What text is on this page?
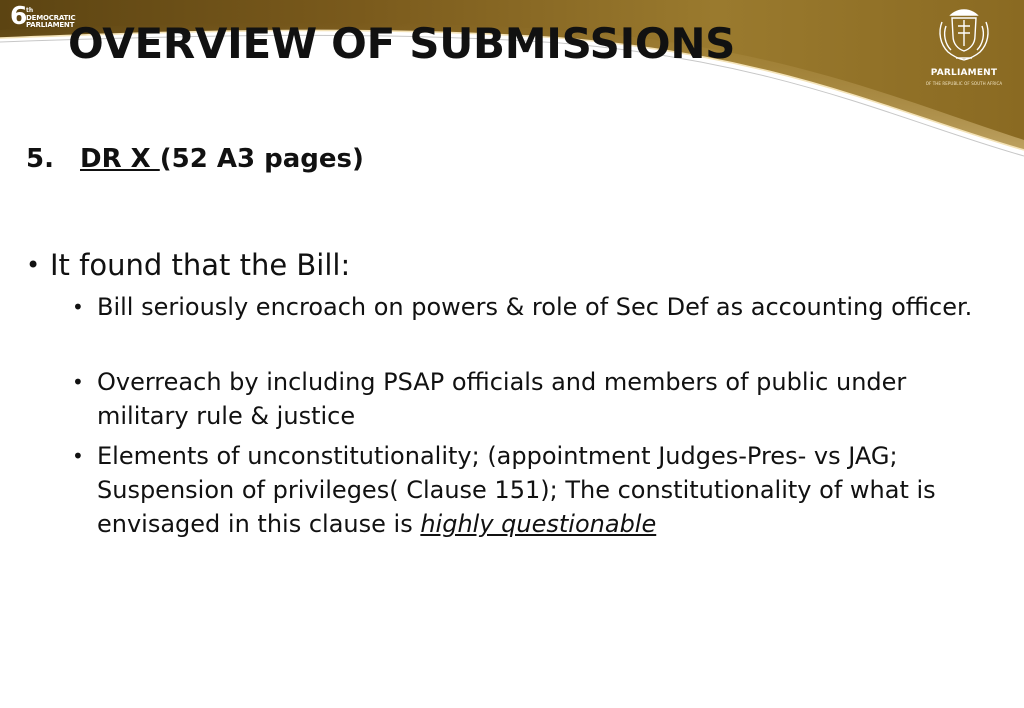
6
th
DEMOCRATIC
PARLIAMENT
PARLIAMENT
OF THE REPUBLIC OF SOUTH AFRICA
OVERVIEW OF SUBMISSIONS
5. DR X (52 A3 pages)
• It found that the Bill:
• Bill seriously encroach on powers & role of Sec Def as accounting officer.
• Overreach by including PSAP officials and members of public under military rule & justice
• Elements of unconstitutionality; (appointment Judges-Pres- vs JAG; Suspension of privileges( Clause 151); The constitutionality of what is envisaged in this clause is highly questionable
